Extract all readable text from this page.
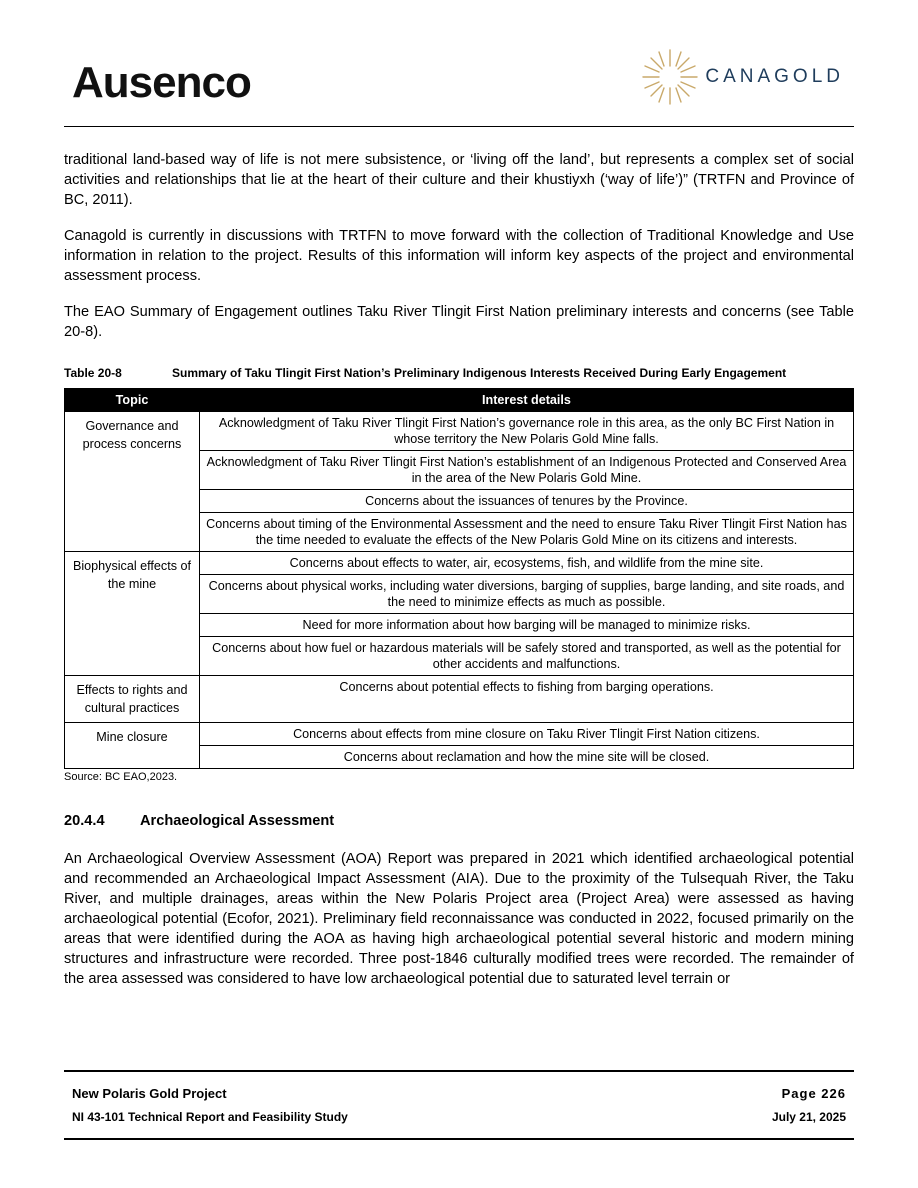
Ausenco	CANAGOLD

traditional land-based way of life is not mere subsistence, or ‘living off the land’, but represents a complex set of social activities and relationships that lie at the heart of their culture and their khustiyxh (‘way of life’)” (TRTFN and Province of BC, 2011).

Canagold is currently in discussions with TRTFN to move forward with the collection of Traditional Knowledge and Use information in relation to the project. Results of this information will inform key aspects of the project and environmental assessment process.

The EAO Summary of Engagement outlines Taku River Tlingit First Nation preliminary interests and concerns (see Table 20-8).

Table 20-8	Summary of Taku Tlingit First Nation’s Preliminary Indigenous Interests Received During Early Engagement
Topic	Interest details
Governance and process concerns	Acknowledgment of Taku River Tlingit First Nation’s governance role in this area, as the only BC First Nation in whose territory the New Polaris Gold Mine falls.
	Acknowledgment of Taku River Tlingit First Nation’s establishment of an Indigenous Protected and Conserved Area in the area of the New Polaris Gold Mine.
	Concerns about the issuances of tenures by the Province.
	Concerns about timing of the Environmental Assessment and the need to ensure Taku River Tlingit First Nation has the time needed to evaluate the effects of the New Polaris Gold Mine on its citizens and interests.
Biophysical effects of the mine	Concerns about effects to water, air, ecosystems, fish, and wildlife from the mine site.
	Concerns about physical works, including water diversions, barging of supplies, barge landing, and site roads, and the need to minimize effects as much as possible.
	Need for more information about how barging will be managed to minimize risks.
	Concerns about how fuel or hazardous materials will be safely stored and transported, as well as the potential for other accidents and malfunctions.
Effects to rights and cultural practices	Concerns about potential effects to fishing from barging operations.
Mine closure	Concerns about effects from mine closure on Taku River Tlingit First Nation citizens.
	Concerns about reclamation and how the mine site will be closed.
Source: BC EAO,2023.
20.4.4	Archaeological Assessment

An Archaeological Overview Assessment (AOA) Report was prepared in 2021 which identified archaeological potential and recommended an Archaeological Impact Assessment (AIA). Due to the proximity of the Tulsequah River, the Taku River, and multiple drainages, areas within the New Polaris Project area (Project Area) were assessed as having archaeological potential (Ecofor, 2021). Preliminary field reconnaissance was conducted in 2022, focused primarily on the areas that were identified during the AOA as having high archaeological potential several historic and modern mining structures and infrastructure were recorded. Three post-1846 culturally modified trees were recorded. The remainder of the area assessed was considered to have low archaeological potential due to saturated level terrain or

New Polaris Gold Project	Page 226
NI 43-101 Technical Report and Feasibility Study	July 21, 2025
